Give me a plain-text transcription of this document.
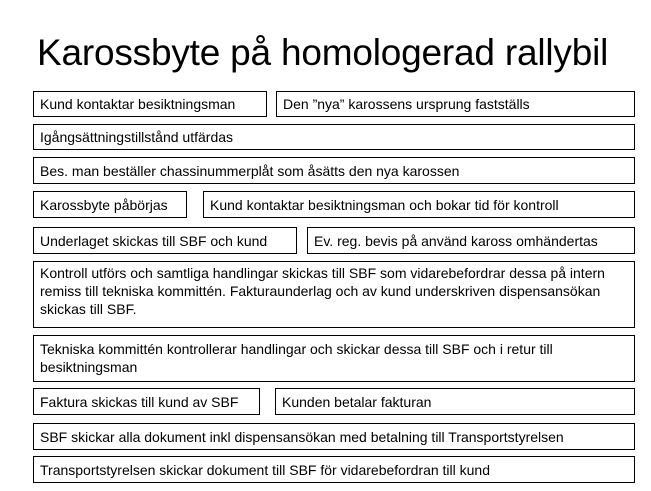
Karossbyte på homologerad rallybil
Kund kontaktar besiktningsman	Den ”nya” karossens ursprung fastställs
Igångsättningstillstånd utfärdas
Bes. man beställer chassinummerplåt som åsätts den nya karossen
Karossbyte påbörjas	Kund kontaktar besiktningsman och bokar tid för kontroll
Underlaget skickas till SBF och kund	Ev. reg. bevis på använd kaross omhändertas
Kontroll utförs och samtliga handlingar skickas till SBF som vidarebefordrar dessa på intern remiss till tekniska kommittén. Fakturaunderlag och av kund underskriven dispensansökan skickas till SBF.
Tekniska kommittén kontrollerar handlingar och skickar dessa till SBF och i retur till besiktningsman
Faktura skickas till kund av SBF	Kunden betalar fakturan
SBF skickar alla dokument inkl dispensansökan med betalning till Transportstyrelsen
Transportstyrelsen skickar dokument till SBF för vidarebefordran till kund
